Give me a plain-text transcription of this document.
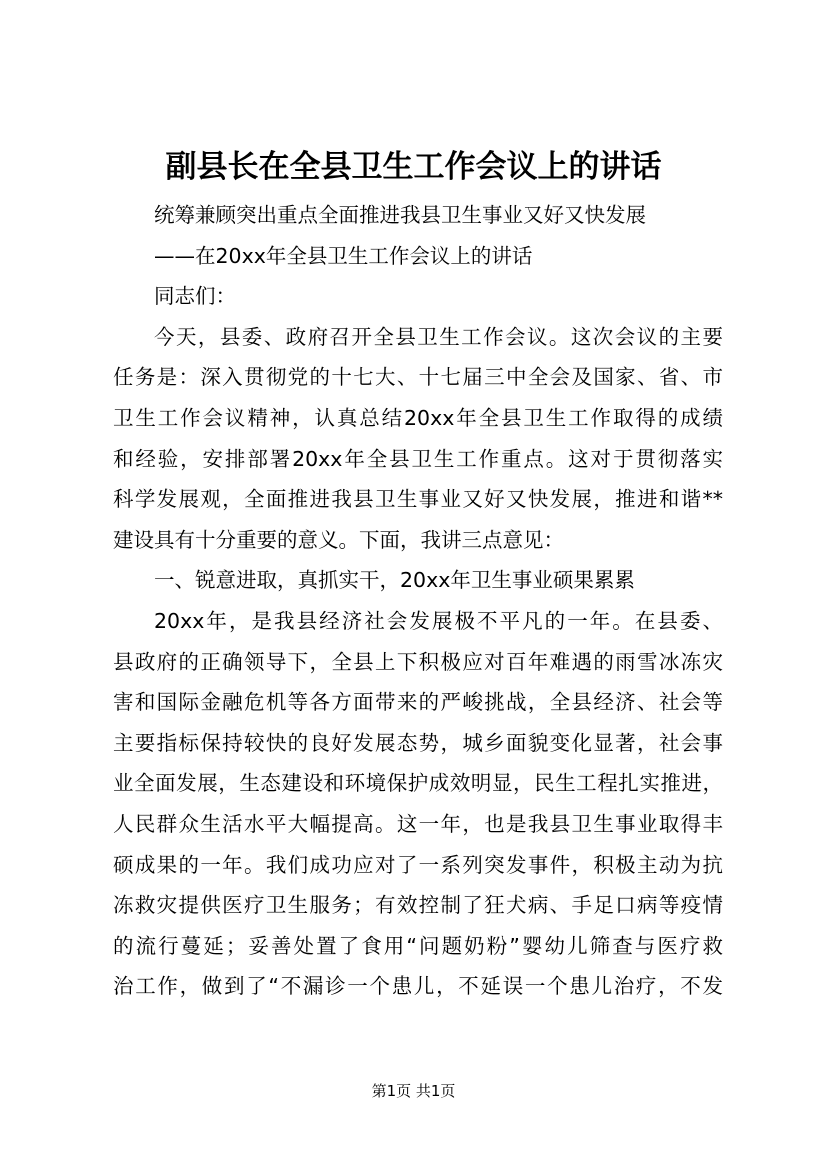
副县长在全县卫生工作会议上的讲话
统筹兼顾突出重点全面推进我县卫生事业又好又快发展
——在20xx年全县卫生工作会议上的讲话
同志们：
今天，县委、政府召开全县卫生工作会议。这次会议的主要
任务是：深入贯彻党的十七大、十七届三中全会及国家、省、市
卫生工作会议精神，认真总结20xx年全县卫生工作取得的成绩
和经验，安排部署20xx年全县卫生工作重点。这对于贯彻落实
科学发展观，全面推进我县卫生事业又好又快发展，推进和谐**
建设具有十分重要的意义。下面，我讲三点意见：
一、锐意进取，真抓实干，20xx年卫生事业硕果累累
20xx年，是我县经济社会发展极不平凡的一年。在县委、
县政府的正确领导下，全县上下积极应对百年难遇的雨雪冰冻灾
害和国际金融危机等各方面带来的严峻挑战，全县经济、社会等
主要指标保持较快的良好发展态势，城乡面貌变化显著，社会事
业全面发展，生态建设和环境保护成效明显，民生工程扎实推进，
人民群众生活水平大幅提高。这一年，也是我县卫生事业取得丰
硕成果的一年。我们成功应对了一系列突发事件，积极主动为抗
冻救灾提供医疗卫生服务；有效控制了狂犬病、手足口病等疫情
的流行蔓延；妥善处置了食用“问题奶粉”婴幼儿筛查与医疗救
治工作，做到了“不漏诊一个患儿，不延误一个患儿治疗，不发
第1页 共1页
